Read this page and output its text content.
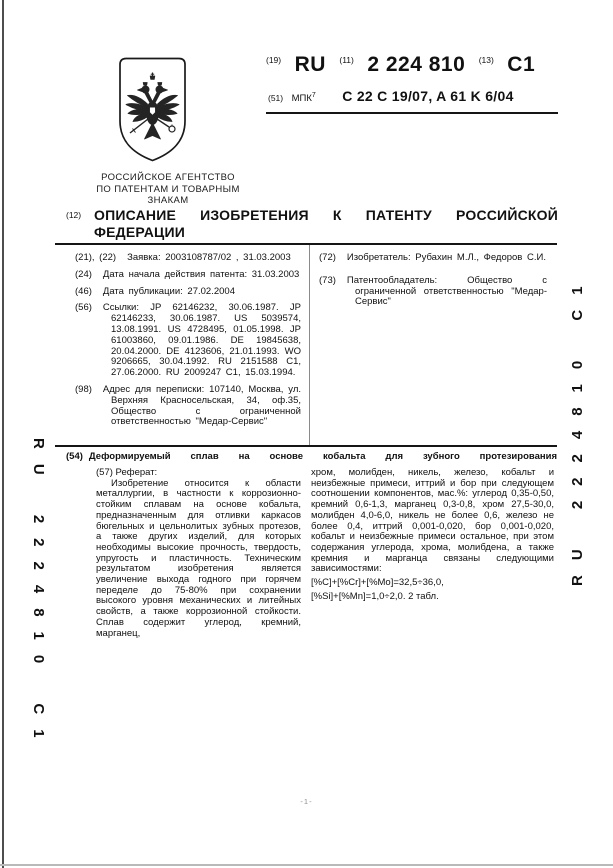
$^{(19)}$ RU $^{(11)}$ 2 224 810 $^{(13)}$ C1
(51) МПК$^7$ C 22 C 19/07, A 61 K 6/04
РОССИЙСКОЕ АГЕНТСТВО
ПО ПАТЕНТАМ И ТОВАРНЫМ
ЗНАКАМ
(12) ОПИСАНИЕ ИЗОБРЕТЕНИЯ К ПАТЕНТУ РОССИЙСКОЙ ФЕДЕРАЦИИ
(21), (22) Заявка: 2003108787/02 , 31.03.2003
(24) Дата начала действия патента: 31.03.2003
(46) Дата публикации: 27.02.2004
(56) Ссылки: JP 62146232, 30.06.1987. JP 62146233, 30.06.1987. US 5039574, 13.08.1991. US 4728495, 01.05.1998. JP 61003860, 09.01.1986. DE 19845638, 20.04.2000. DE 4123606, 21.01.1993. WO 9206665, 30.04.1992. RU 2151588 C1, 27.06.2000. RU 2009247 C1, 15.03.1994.
(98) Адрес для переписки: 107140, Москва, ул. Верхняя Красносельская, 34, оф.35, Общество с ограниченной ответственностью "Медар-Сервис"
(72) Изобретатель: Рубахин М.Л., Федоров С.И.
(73) Патентообладатель: Общество с ограниченной ответственностью "Медар-Сервис"
(54) Деформируемый сплав на основе кобальта для зубного протезирования
(57) Реферат:

Изобретение относится к области металлургии, в частности к коррозионно-стойким сплавам на основе кобальта, предназначенным для отливки каркасов бюгельных и цельнолитых зубных протезов, а также других изделий, для которых необходимы высокие прочность, твердость, упругость и пластичность. Техническим результатом изобретения является увеличение выхода годного при горячем переделе до 75-80% при сохранении высокого уровня механических и литейных свойств, а также коррозионной стойкости. Сплав содержит углерод, кремний, марганец,

хром, молибден, никель, железо, кобальт и неизбежные примеси, иттрий и бор при следующем соотношении компонентов, мас.%: углерод 0,35-0,50, кремний 0,6-1,3, марганец 0,3-0,8, хром 27,5-30,0, молибден 4,0-6,0, никель не более 0,6, железо не более 0,4, иттрий 0,001-0,020, бор 0,001-0,020, кобальт и неизбежные примеси остальное, при этом содержания углерода, хрома, молибдена, а также кремния и марганца связаны следующими зависимостями:

[%C]+[%Cr]+[%Mo]=32,5÷36,0,
[%Si]+[%Mn]=1,0÷2,0. 2 табл.
RU 2224810 C1
RU 2224810 C1
-1-
